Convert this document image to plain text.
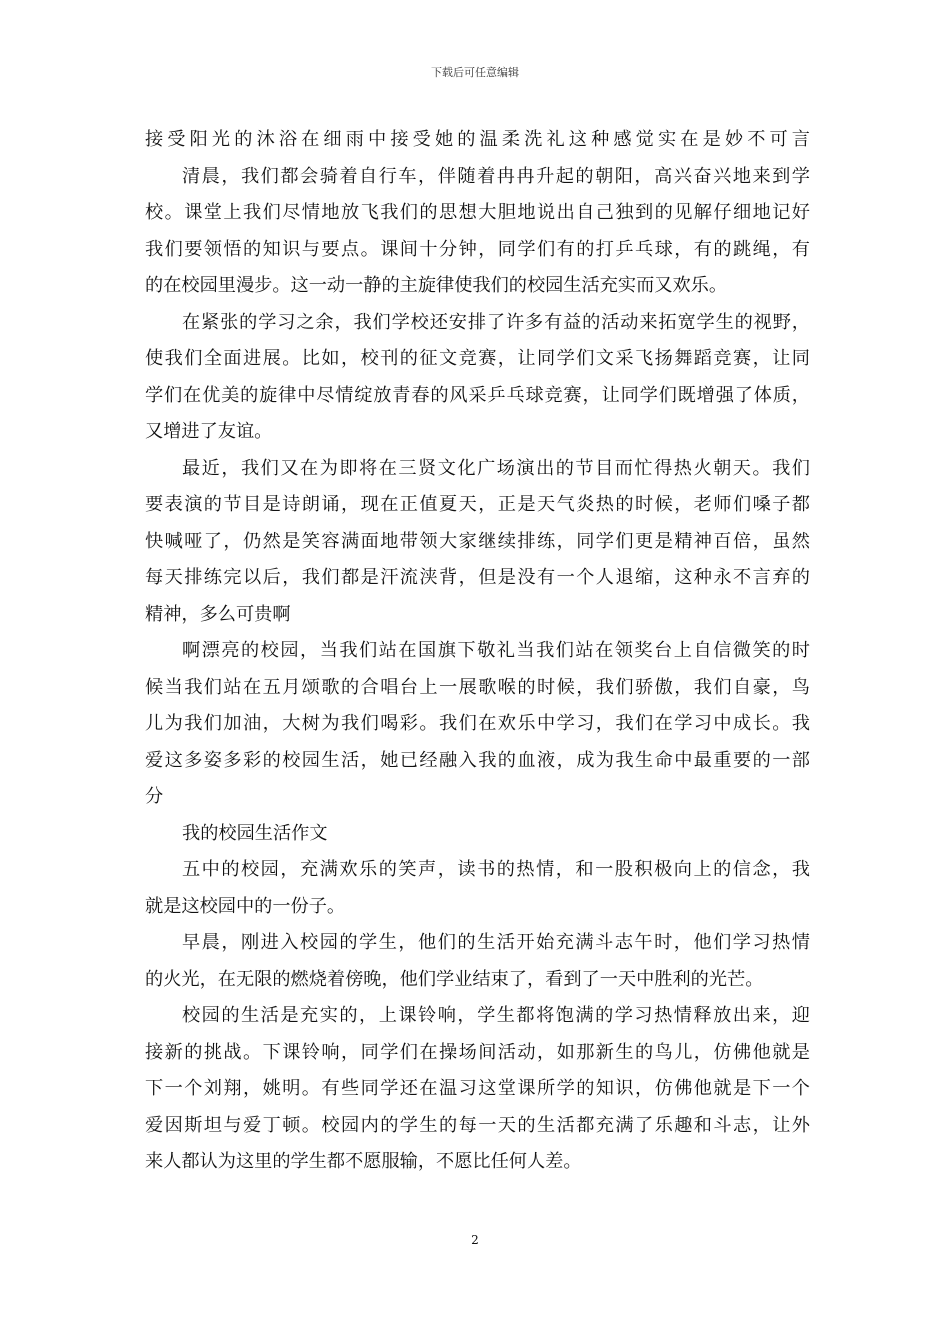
下载后可任意编辑
接受阳光的沐浴在细雨中接受她的温柔洗礼这种感觉实在是妙不可言
清晨，我们都会骑着自行车，伴随着冉冉升起的朝阳，高兴奋兴地来到学
校。课堂上我们尽情地放飞我们的思想大胆地说出自己独到的见解仔细地记好
我们要领悟的知识与要点。课间十分钟，同学们有的打乒乓球，有的跳绳，有
的在校园里漫步。这一动一静的主旋律使我们的校园生活充实而又欢乐。
在紧张的学习之余，我们学校还安排了许多有益的活动来拓宽学生的视野，
使我们全面进展。比如，校刊的征文竞赛，让同学们文采飞扬舞蹈竞赛，让同
学们在优美的旋律中尽情绽放青春的风采乒乓球竞赛，让同学们既增强了体质，
又增进了友谊。
最近，我们又在为即将在三贤文化广场演出的节目而忙得热火朝天。我们
要表演的节目是诗朗诵，现在正值夏天，正是天气炎热的时候，老师们嗓子都
快喊哑了，仍然是笑容满面地带领大家继续排练，同学们更是精神百倍，虽然
每天排练完以后，我们都是汗流浃背，但是没有一个人退缩，这种永不言弃的
精神，多么可贵啊
啊漂亮的校园，当我们站在国旗下敬礼当我们站在领奖台上自信微笑的时
候当我们站在五月颂歌的合唱台上一展歌喉的时候，我们骄傲，我们自豪，鸟
儿为我们加油，大树为我们喝彩。我们在欢乐中学习，我们在学习中成长。我
爱这多姿多彩的校园生活，她已经融入我的血液，成为我生命中最重要的一部
分
我的校园生活作文
五中的校园，充满欢乐的笑声，读书的热情，和一股积极向上的信念，我
就是这校园中的一份子。
早晨，刚进入校园的学生，他们的生活开始充满斗志午时，他们学习热情
的火光，在无限的燃烧着傍晚，他们学业结束了，看到了一天中胜利的光芒。
校园的生活是充实的，上课铃响，学生都将饱满的学习热情释放出来，迎
接新的挑战。下课铃响，同学们在操场间活动，如那新生的鸟儿，仿佛他就是
下一个刘翔，姚明。有些同学还在温习这堂课所学的知识，仿佛他就是下一个
爱因斯坦与爱丁顿。校园内的学生的每一天的生活都充满了乐趣和斗志，让外
来人都认为这里的学生都不愿服输，不愿比任何人差。
2
